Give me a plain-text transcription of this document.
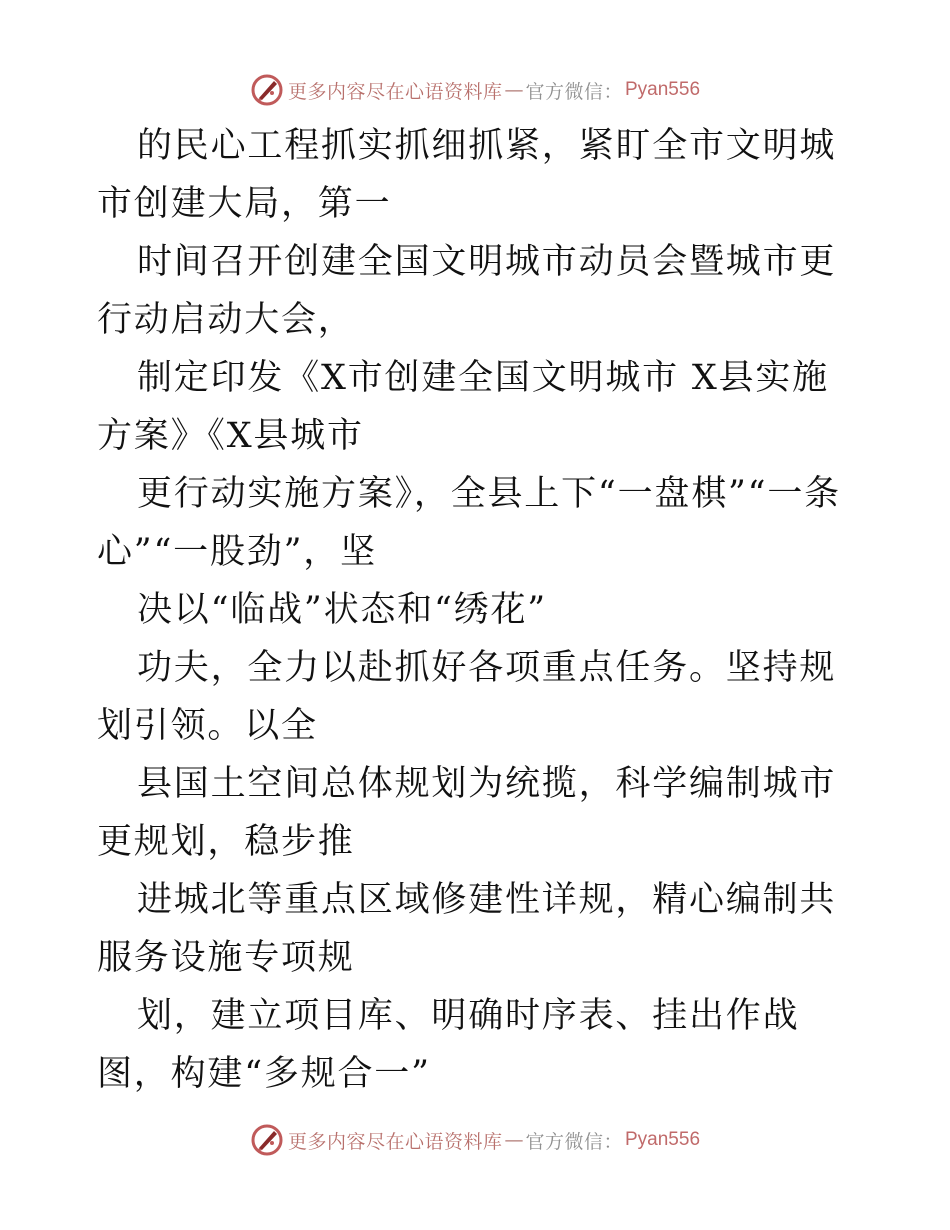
更多内容尽在心语资料库 — 官方微信： Pyan556

的民心工程抓实抓细抓紧，紧盯全市文明城市创建大局，第一

时间召开创建全国文明城市动员会暨城市更行动启动大会，

制定印发《X市创建全国文明城市 X县实施方案》《X县城市

更行动实施方案》，全县上下“一盘棋”“一条心”“一股劲”，坚

决以“临战”状态和“绣花”

功夫，全力以赴抓好各项重点任务。坚持规划引领。以全

县国土空间总体规划为统揽，科学编制城市更规划，稳步推

进城北等重点区域修建性详规，精心编制共服务设施专项规

划，建立项目库、明确时序表、挂出作战图，构建“多规合一”

更多内容尽在心语资料库 — 官方微信： Pyan556
